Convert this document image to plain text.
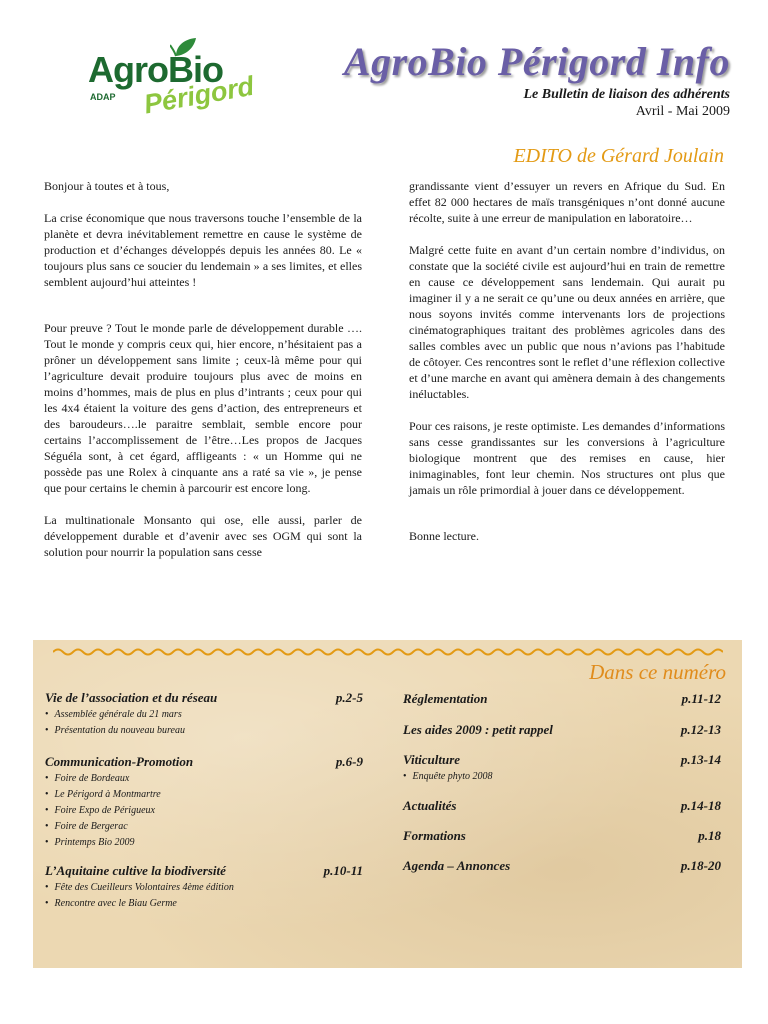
AgroBio
ADAP Périgord
AgroBio Périgord Info
Le Bulletin de liaison des adhérents
Avril - Mai 2009
EDITO de Gérard Joulain

Bonjour à toutes et à tous,

La crise économique que nous traversons touche l’ensemble de la planète et devra inévitablement remettre en cause le système de production et d’échanges développés depuis les années 80. Le « toujours plus sans ce soucier du lendemain » a ses limites, et elles semblent aujourd’hui atteintes !

Pour preuve ? Tout le monde parle de développement durable …. Tout le monde y compris ceux qui, hier encore, n’hésitaient pas a prôner un développement sans limite ; ceux-là même pour qui l’agriculture devait produire toujours plus avec de moins en moins d’hommes, mais de plus en plus d’intrants ; ceux pour qui les 4x4 étaient la voiture des gens d’action, des entrepreneurs et des baroudeurs….le paraitre semblait, semble encore pour certains l’accomplissement de l’être…Les propos de Jacques Séguéla sont, à cet égard, affligeants : « un Homme qui ne possède pas une Rolex à cinquante ans a raté sa vie », je pense que pour certains le chemin à parcourir est encore long.

La multinationale Monsanto qui ose, elle aussi, parler de développement durable et d’avenir avec ses OGM qui sont la solution pour nourrir la population sans cesse

grandissante vient d’essuyer un revers en Afrique du Sud. En effet 82 000 hectares de maïs transgéniques n’ont donné aucune récolte, suite à une erreur de manipulation en laboratoire…

Malgré cette fuite en avant d’un certain nombre d’individus, on constate que la société civile est aujourd’hui en train de remettre en cause ce développement sans lendemain. Qui aurait pu imaginer il y a ne serait ce qu’une ou deux années en arrière, que nous soyons invités comme intervenants lors de projections cinématographiques traitant des problèmes agricoles dans des salles combles avec un public que nous n’avions pas l’habitude de côtoyer. Ces rencontres sont le reflet d’une réflexion collective et d’une marche en avant qui amènera demain à des changements inéluctables.

Pour ces raisons, je reste optimiste. Les demandes d’informations sans cesse grandissantes sur les conversions à l’agriculture biologique montrent que des remises en cause, hier inimaginables, font leur chemin. Nos structures ont plus que jamais un rôle primordial à jouer dans ce développement.

Bonne lecture.

Dans ce numéro
Vie de l’association et du réseau	p.2-5
• Assemblée générale du 21 mars
• Présentation du nouveau bureau
Communication-Promotion	p.6-9
• Foire de Bordeaux
• Le Périgord à Montmartre
• Foire Expo de Périgueux
• Foire de Bergerac
• Printemps Bio 2009
L’Aquitaine cultive la biodiversité	p.10-11
• Fête des Cueilleurs Volontaires 4ème édition
• Rencontre avec le Biau Germe
Réglementation	p.11-12
Les aides 2009 : petit rappel	p.12-13
Viticulture	p.13-14
• Enquête phyto 2008
Actualités	p.14-18
Formations	p.18
Agenda – Annonces	p.18-20
